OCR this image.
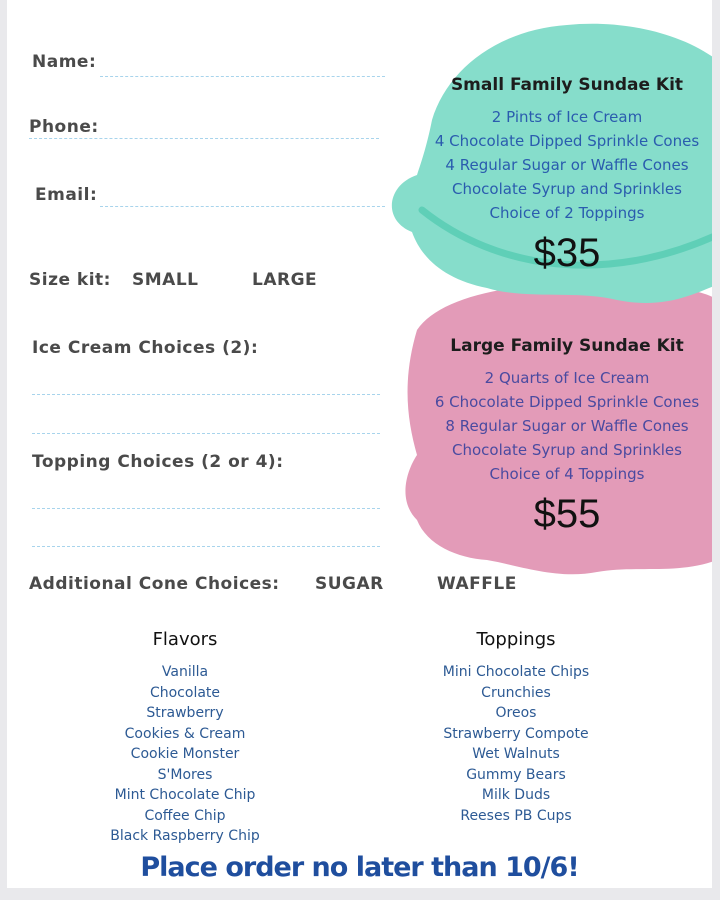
Name:
Phone:
Email:
Size kit: SMALL	LARGE
Ice Cream Choices (2):
Topping Choices (2 or 4):
Additional Cone Choices: SUGAR	WAFFLE
Small Family Sundae Kit
2 Pints of Ice Cream
4 Chocolate Dipped Sprinkle Cones
4 Regular Sugar or Waffle Cones
Chocolate Syrup and Sprinkles
Choice of 2 Toppings
$35
Large Family Sundae Kit
2 Quarts of Ice Cream
6 Chocolate Dipped Sprinkle Cones
8 Regular Sugar or Waffle Cones
Chocolate Syrup and Sprinkles
Choice of 4 Toppings
$55
Flavors
Vanilla
Chocolate
Strawberry
Cookies & Cream
Cookie Monster
S'Mores
Mint Chocolate Chip
Coffee Chip
Black Raspberry Chip
Toppings
Mini Chocolate Chips
Crunchies
Oreos
Strawberry Compote
Wet Walnuts
Gummy Bears
Milk Duds
Reeses PB Cups
Place order no later than 10/6!
